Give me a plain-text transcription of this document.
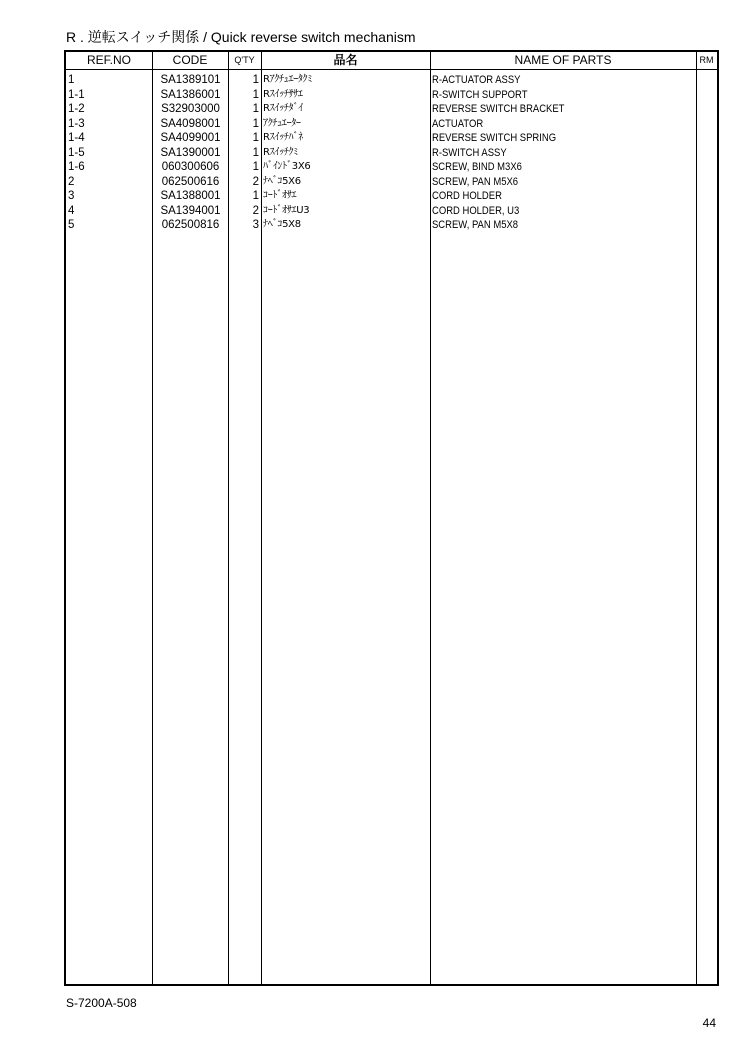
R . 逆転スイッチ関係 / Quick reverse switch mechanism
REF.NO	CODE	Q'TY	品名	NAME OF PARTS	RM
1	SA1389101	1 Rｱｸﾁｭｴｰﾀｸﾐ	R-ACTUATOR ASSY
1-1	SA1386001	1 Rｽｲｯﾁｻｻｴ	R-SWITCH SUPPORT
1-2	S32903000	1 Rｽｲｯﾁﾀﾞｲ	REVERSE SWITCH BRACKET
1-3	SA4098001	1 ｱｸﾁｭｴｰﾀｰ	ACTUATOR
1-4	SA4099001	1 Rｽｲｯﾁﾊﾞﾈ	REVERSE SWITCH SPRING
1-5	SA1390001	1 Rｽｲｯﾁｸﾐ	R-SWITCH ASSY
1-6	060300606	1 ﾊﾞｲﾝﾄﾞ3X6	SCREW, BIND M3X6
2	062500616	2 ﾅﾍﾞｺ5X6	SCREW, PAN M5X6
3	SA1388001	1 ｺｰﾄﾞｵｻｴ	CORD HOLDER
4	SA1394001	2 ｺｰﾄﾞｵｻｴU3	CORD HOLDER, U3
5	062500816	3 ﾅﾍﾞｺ5X8	SCREW, PAN M5X8
S-7200A-508
44
